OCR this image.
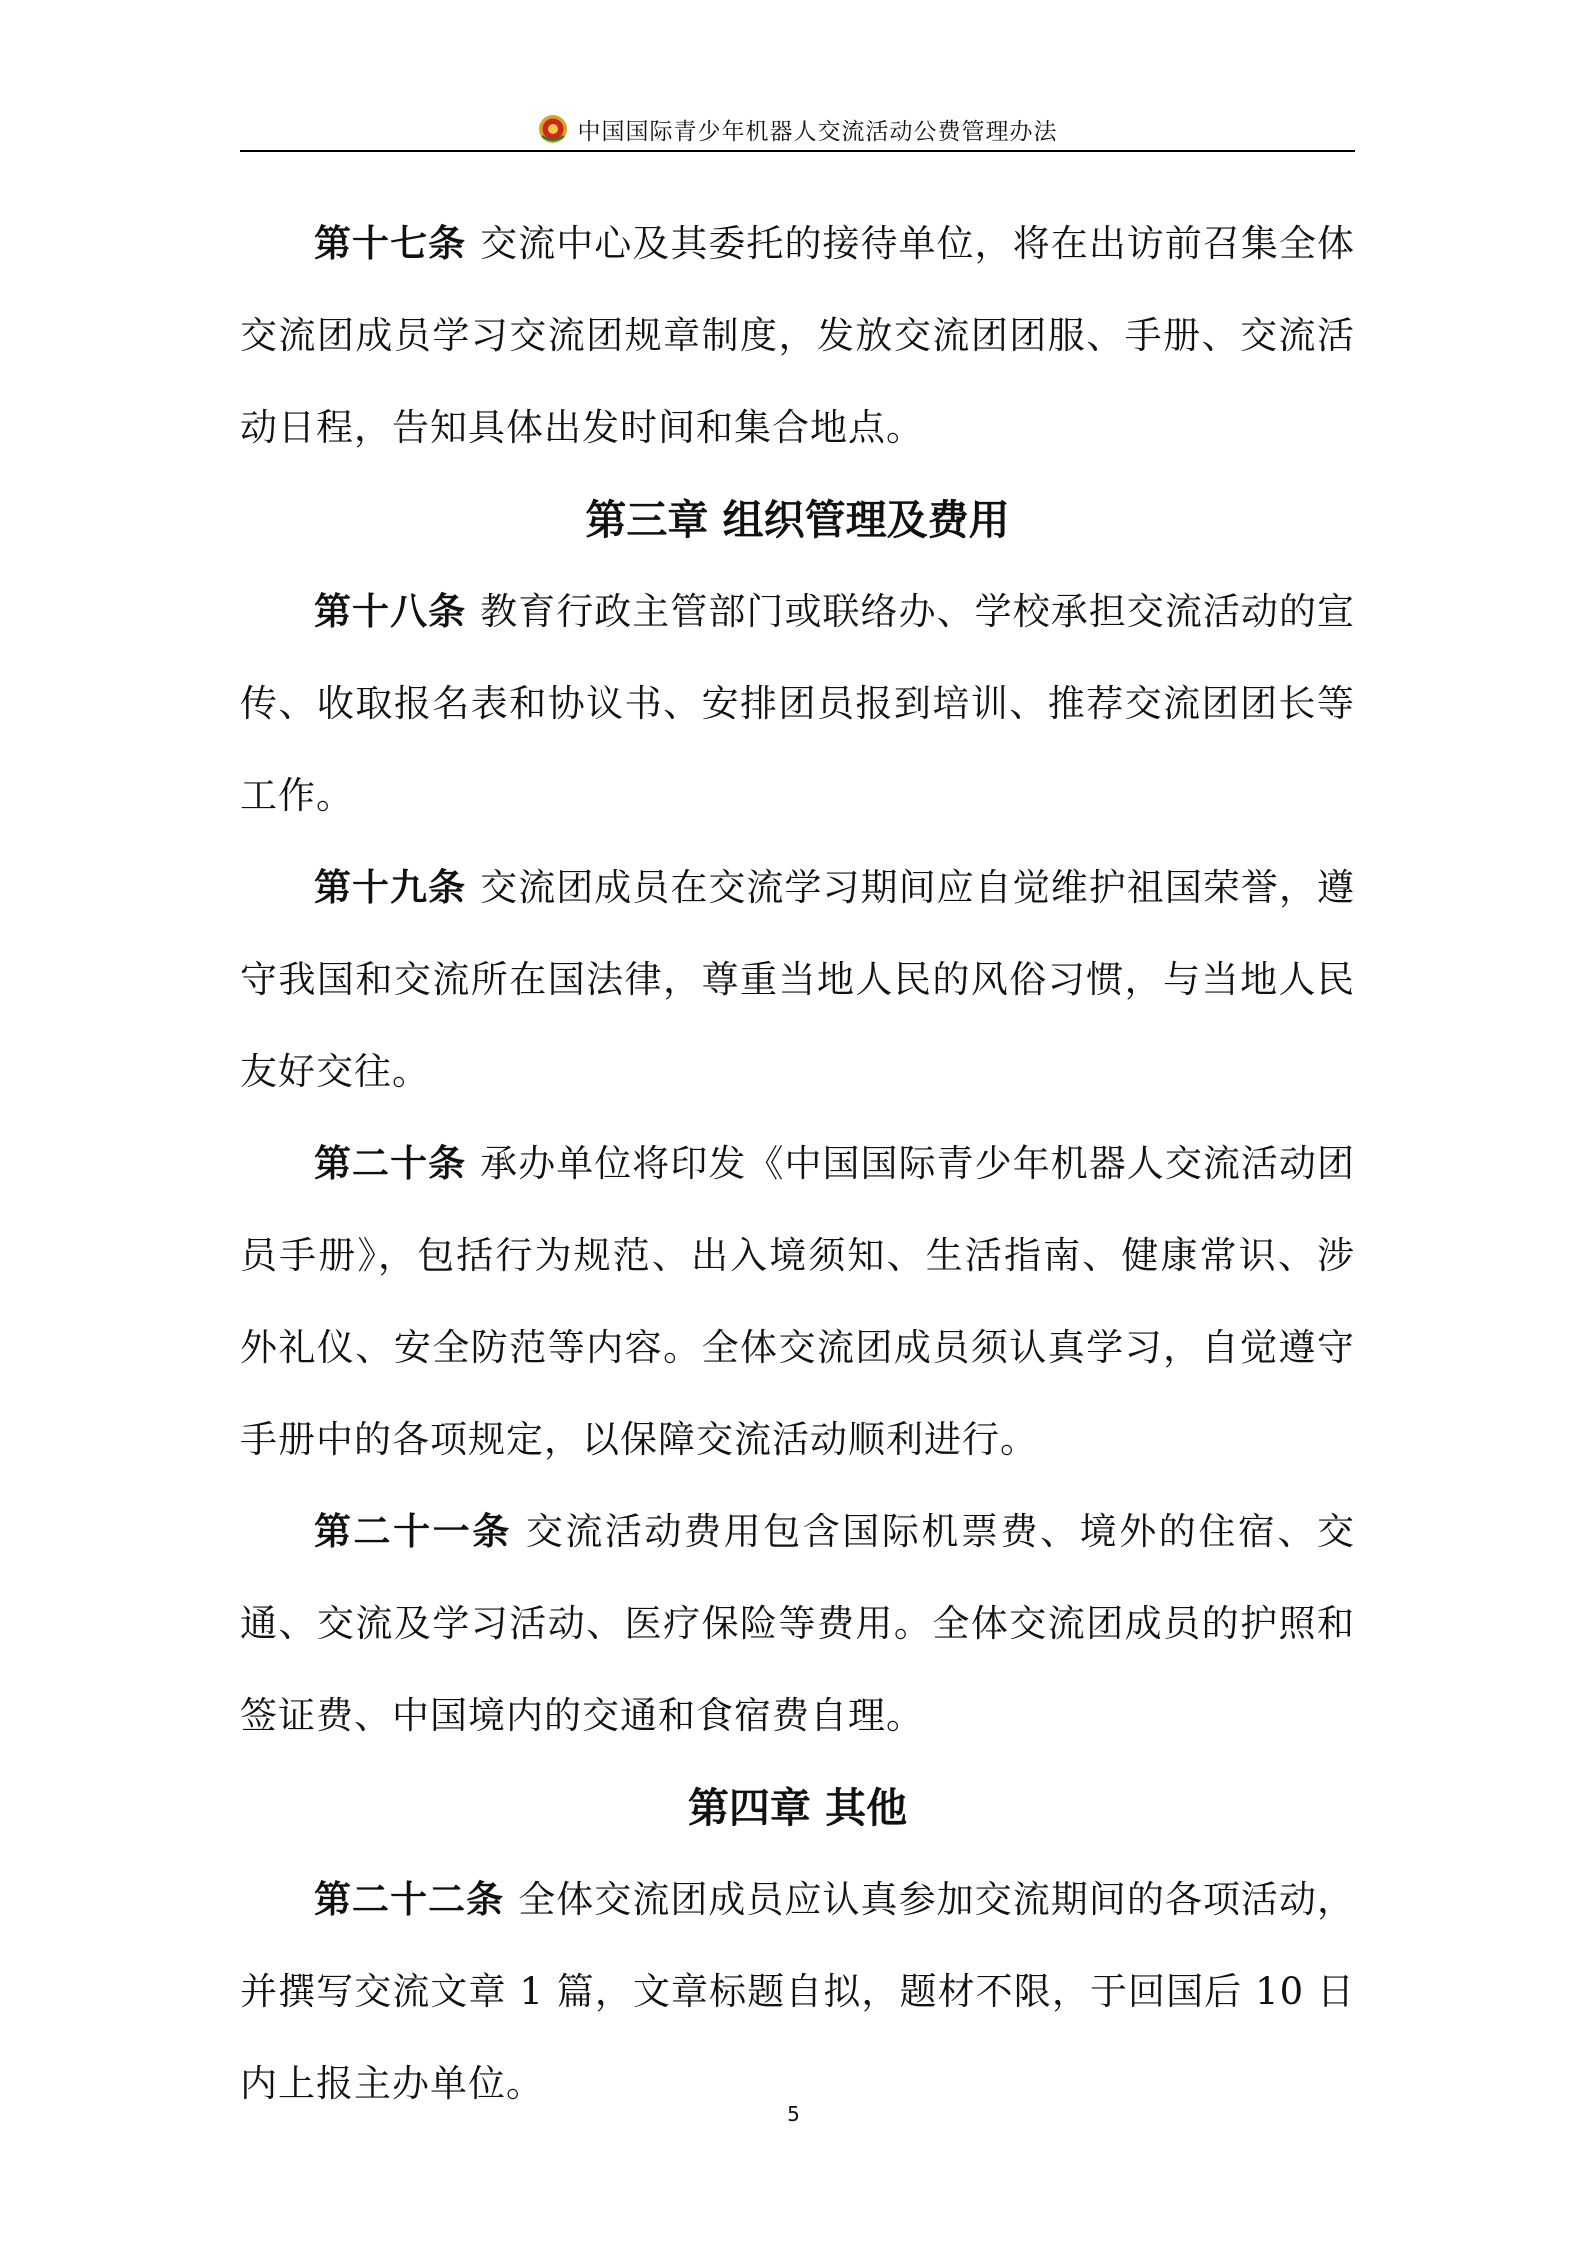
中国国际青少年机器人交流活动公费管理办法

第十七条 交流中心及其委托的接待单位，将在出访前召集全体交流团成员学习交流团规章制度，发放交流团团服、手册、交流活动日程，告知具体出发时间和集合地点。

第三章 组织管理及费用

第十八条 教育行政主管部门或联络办、学校承担交流活动的宣传、收取报名表和协议书、安排团员报到培训、推荐交流团团长等工作。

第十九条 交流团成员在交流学习期间应自觉维护祖国荣誉，遵守我国和交流所在国法律，尊重当地人民的风俗习惯，与当地人民友好交往。

第二十条 承办单位将印发《中国国际青少年机器人交流活动团员手册》，包括行为规范、出入境须知、生活指南、健康常识、涉外礼仪、安全防范等内容。全体交流团成员须认真学习，自觉遵守手册中的各项规定，以保障交流活动顺利进行。

第二十一条 交流活动费用包含国际机票费、境外的住宿、交通、交流及学习活动、医疗保险等费用。全体交流团成员的护照和签证费、中国境内的交通和食宿费自理。

第四章 其他

第二十二条 全体交流团成员应认真参加交流期间的各项活动，并撰写交流文章 1 篇，文章标题自拟，题材不限，于回国后 10 日内上报主办单位。

5
